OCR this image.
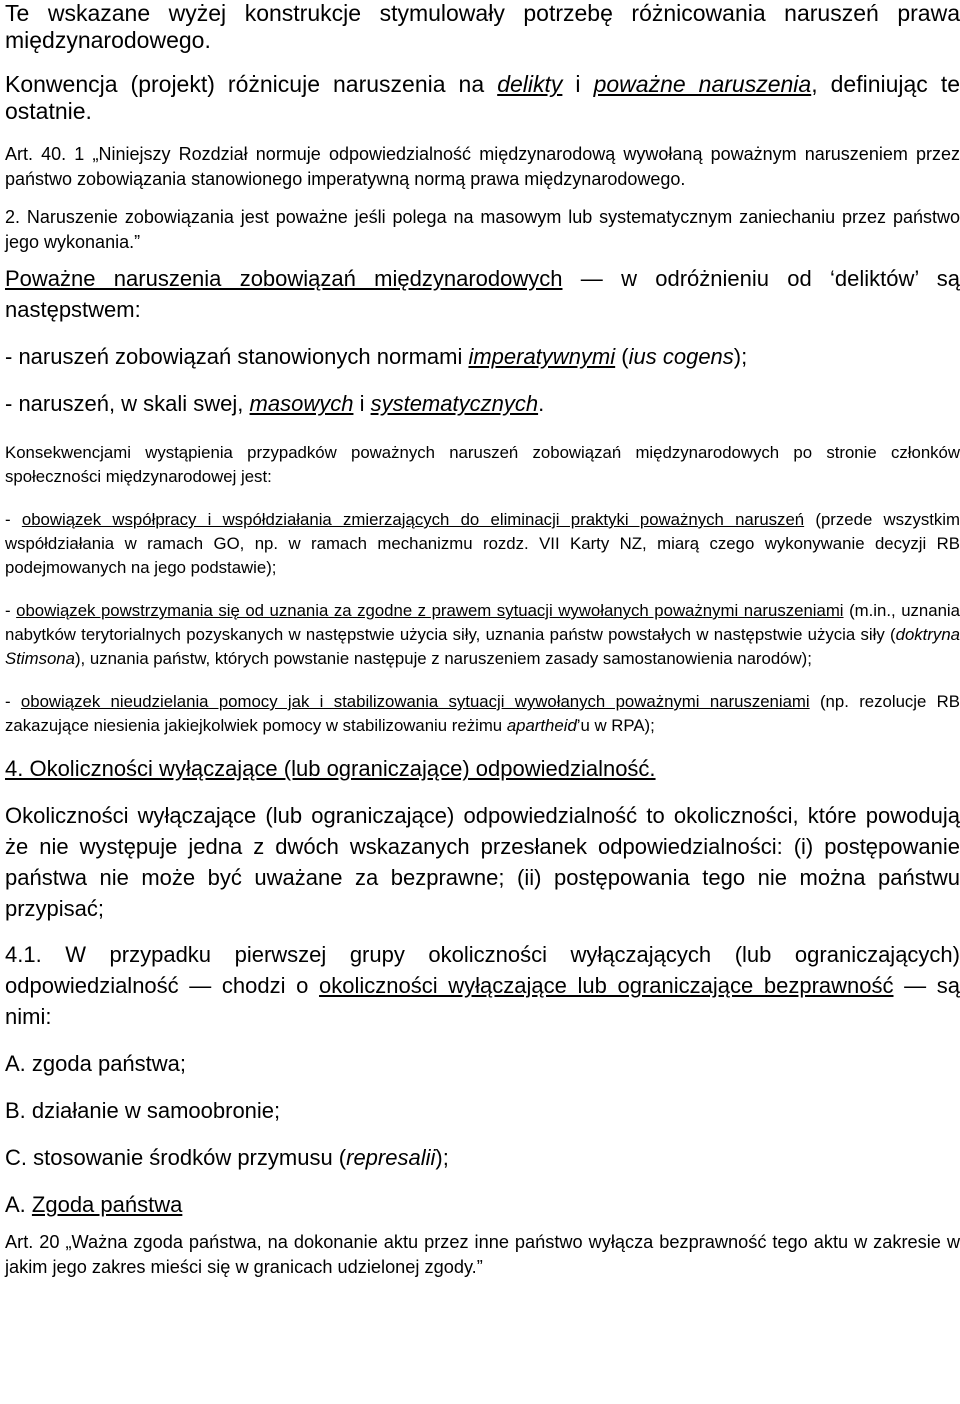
Te wskazane wyżej konstrukcje stymulowały potrzebę różnicowania naruszeń prawa międzynarodowego.

Konwencja (projekt) różnicuje naruszenia na delikty i poważne naruszenia, definiując te ostatnie.

Art. 40. 1 „Niniejszy Rozdział normuje odpowiedzialność międzynarodową wywołaną poważnym naruszeniem przez państwo zobowiązania stanowionego imperatywną normą prawa międzynarodowego.

2. Naruszenie zobowiązania jest poważne jeśli polega na masowym lub systematycznym zaniechaniu przez państwo jego wykonania.”

Poważne naruszenia zobowiązań międzynarodowych — w odróżnieniu od ‘deliktów’ są następstwem:

- naruszeń zobowiązań stanowionych normami imperatywnymi (ius cogens);

- naruszeń, w skali swej, masowych i systematycznych.

Konsekwencjami wystąpienia przypadków poważnych naruszeń zobowiązań międzynarodowych po stronie członków społeczności międzynarodowej jest:

- obowiązek współpracy i współdziałania zmierzających do eliminacji praktyki poważnych naruszeń (przede wszystkim współdziałania w ramach GO, np. w ramach mechanizmu rozdz. VII Karty NZ, miarą czego wykonywanie decyzji RB podejmowanych na jego podstawie);

- obowiązek powstrzymania się od uznania za zgodne z prawem sytuacji wywołanych poważnymi naruszeniami (m.in., uznania nabytków terytorialnych pozyskanych w następstwie użycia siły, uznania państw powstałych w następstwie użycia siły (doktryna Stimsona), uznania państw, których powstanie następuje z naruszeniem zasady samostanowienia narodów);

- obowiązek nieudzielania pomocy jak i stabilizowania sytuacji wywołanych poważnymi naruszeniami (np. rezolucje RB zakazujące niesienia jakiejkolwiek pomocy w stabilizowaniu reżimu apartheid’u w RPA);

4. Okoliczności wyłączające (lub ograniczające) odpowiedzialność.

Okoliczności wyłączające (lub ograniczające) odpowiedzialność to okoliczności, które powodują że nie występuje jedna z dwóch wskazanych przesłanek odpowiedzialności: (i) postępowanie państwa nie może być uważane za bezprawne; (ii) postępowania tego nie można państwu przypisać;

4.1. W przypadku pierwszej grupy okoliczności wyłączających (lub ograniczających) odpowiedzialność — chodzi o okoliczności wyłączające lub ograniczające bezprawność — są nimi:

A. zgoda państwa;

B. działanie w samoobronie;

C. stosowanie środków przymusu (represalii);

A. Zgoda państwa

Art. 20 „Ważna zgoda państwa, na dokonanie aktu przez inne państwo wyłącza bezprawność tego aktu w zakresie w jakim jego zakres mieści się w granicach udzielonej zgody.”
